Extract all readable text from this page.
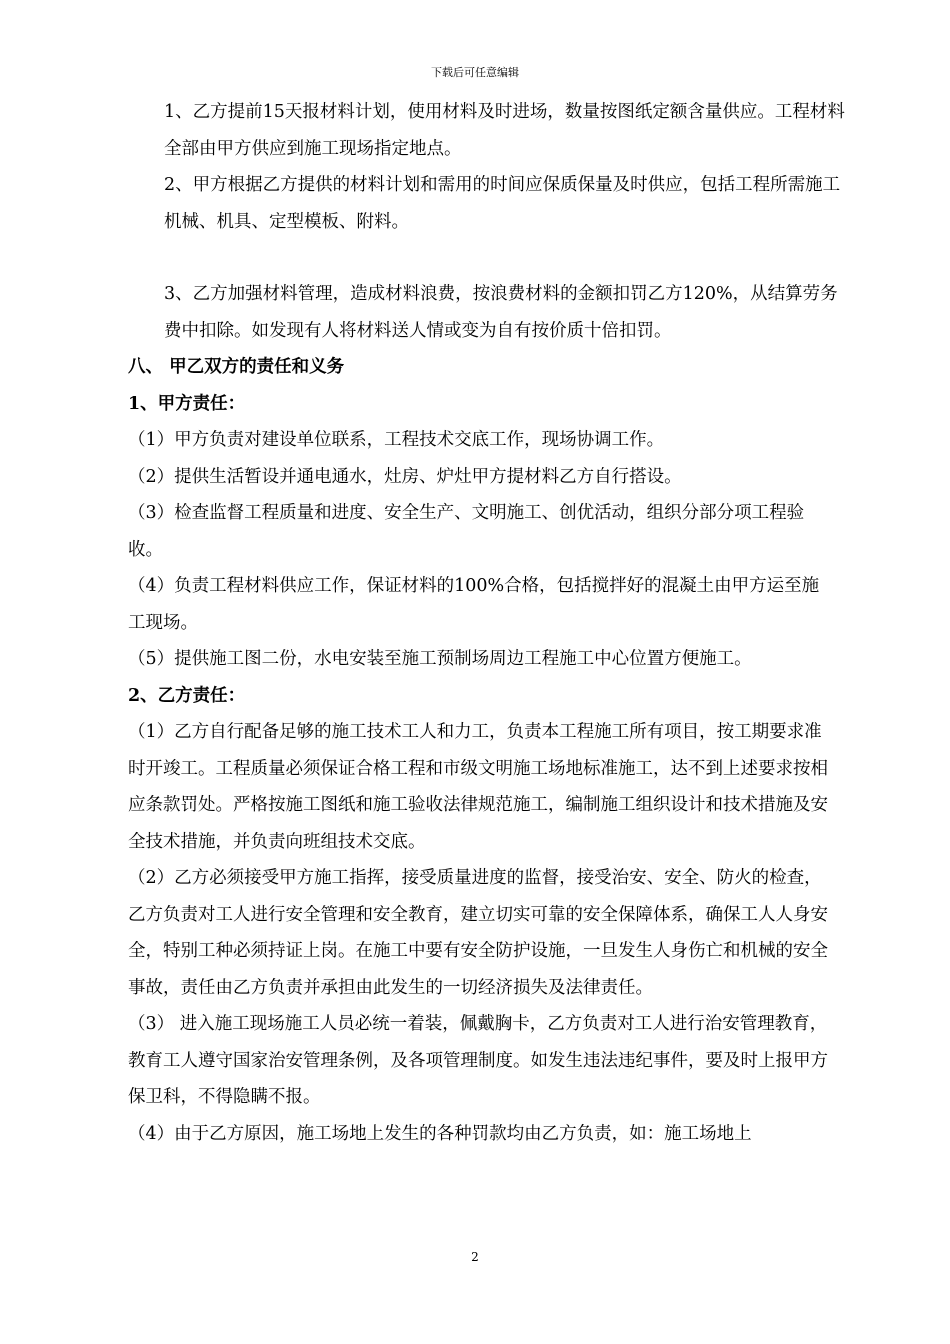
下载后可任意编辑

1、乙方提前15天报材料计划，使用材料及时进场，数量按图纸定额含量供应。工程材料全部由甲方供应到施工现场指定地点。

2、甲方根据乙方提供的材料计划和需用的时间应保质保量及时供应，包括工程所需施工机械、机具、定型模板、附料。

3、乙方加强材料管理，造成材料浪费，按浪费材料的金额扣罚乙方120%，从结算劳务费中扣除。如发现有人将材料送人情或变为自有按价质十倍扣罚。

八、 甲乙双方的责任和义务

1、甲方责任：

（1）甲方负责对建设单位联系，工程技术交底工作，现场协调工作。

（2）提供生活暂设并通电通水，灶房、炉灶甲方提材料乙方自行搭设。

（3）检查监督工程质量和进度、安全生产、文明施工、创优活动，组织分部分项工程验收。

（4）负责工程材料供应工作，保证材料的100%合格，包括搅拌好的混凝土由甲方运至施工现场。

（5）提供施工图二份，水电安装至施工预制场周边工程施工中心位置方便施工。

2、乙方责任：

（1）乙方自行配备足够的施工技术工人和力工，负责本工程施工所有项目，按工期要求准时开竣工。工程质量必须保证合格工程和市级文明施工场地标准施工，达不到上述要求按相应条款罚处。严格按施工图纸和施工验收法律规范施工，编制施工组织设计和技术措施及安全技术措施，并负责向班组技术交底。

（2）乙方必须接受甲方施工指挥，接受质量进度的监督，接受治安、安全、防火的检查，乙方负责对工人进行安全管理和安全教育，建立切实可靠的安全保障体系，确保工人人身安全，特别工种必须持证上岗。在施工中要有安全防护设施，一旦发生人身伤亡和机械的安全事故，责任由乙方负责并承担由此发生的一切经济损失及法律责任。

（3） 进入施工现场施工人员必统一着装，佩戴胸卡，乙方负责对工人进行治安管理教育，教育工人遵守国家治安管理条例，及各项管理制度。如发生违法违纪事件，要及时上报甲方保卫科，不得隐瞒不报。

（4）由于乙方原因，施工场地上发生的各种罚款均由乙方负责，如：施工场地上

2
